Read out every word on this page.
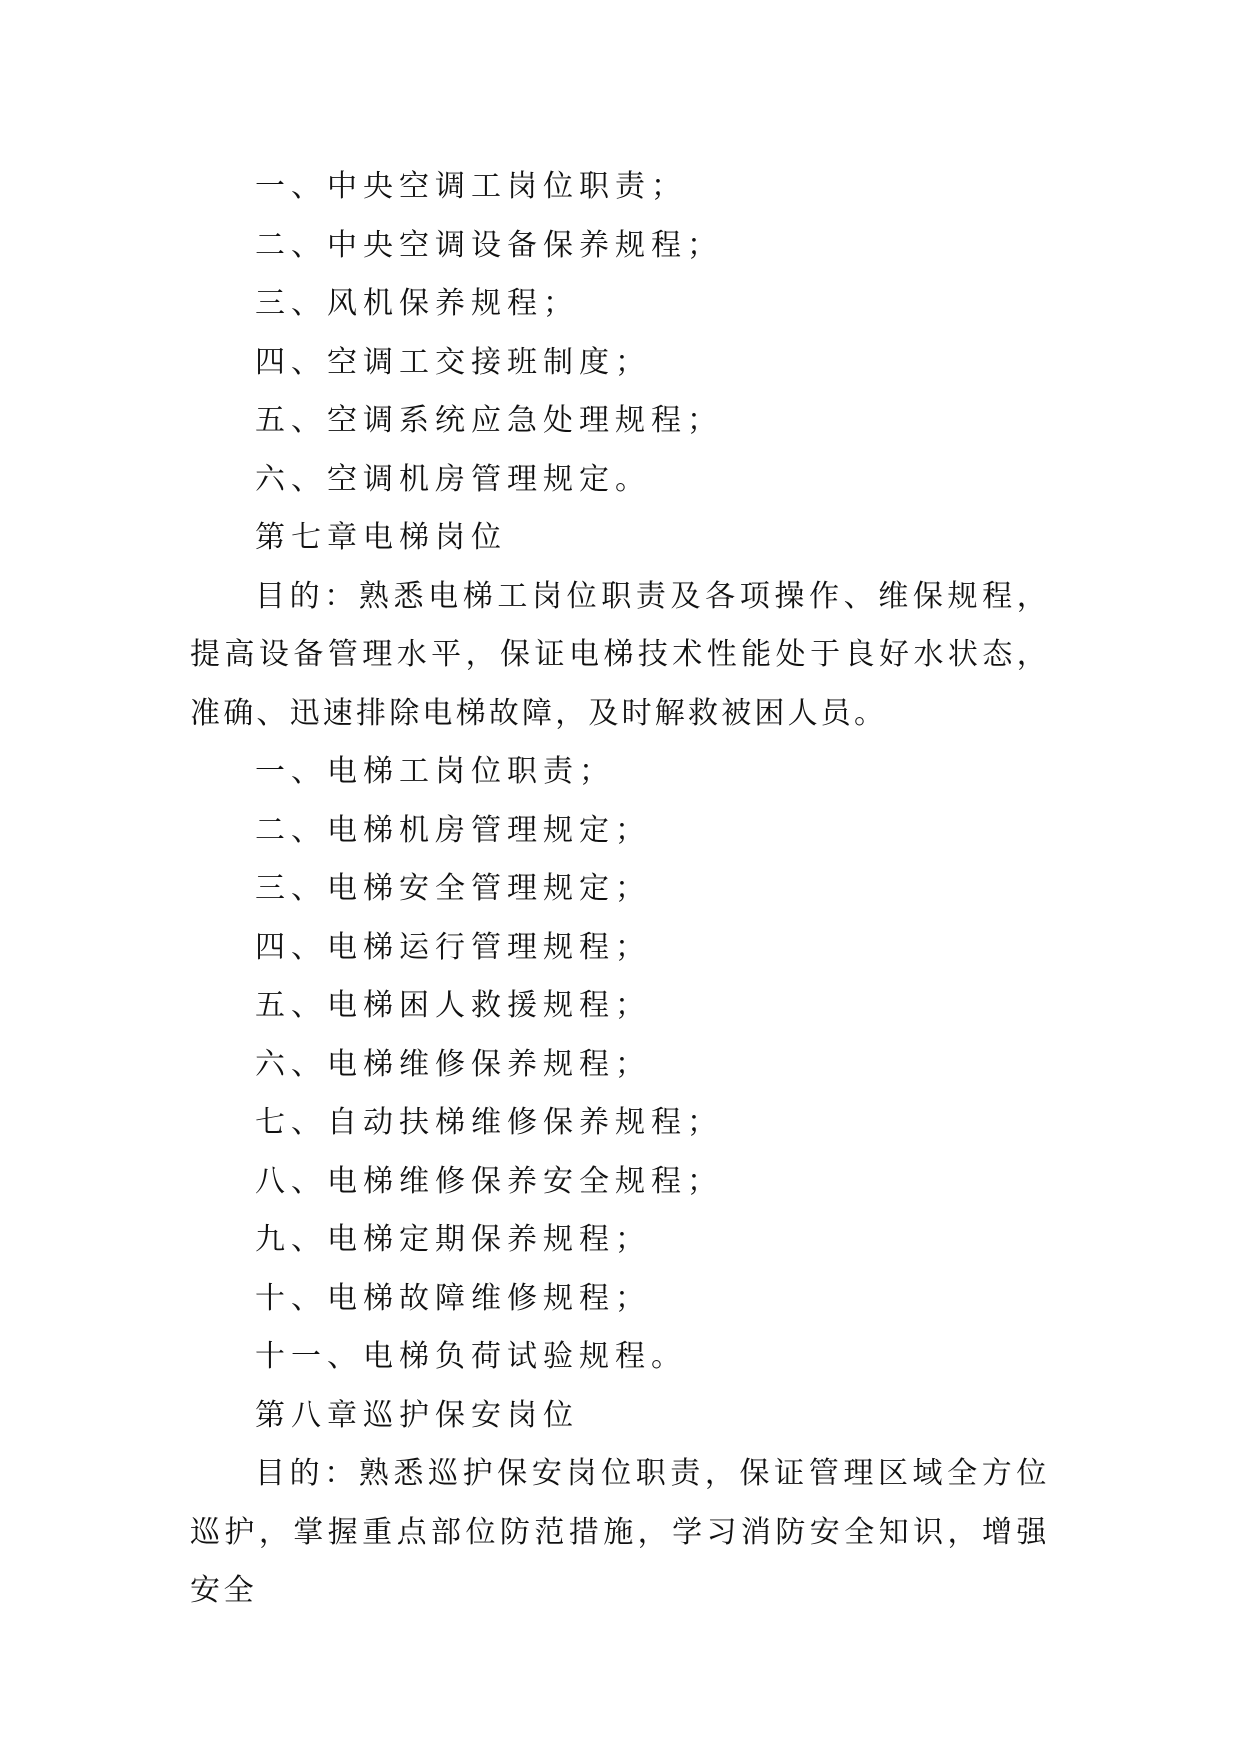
一、中央空调工岗位职责；
二、中央空调设备保养规程；
三、风机保养规程；
四、空调工交接班制度；
五、空调系统应急处理规程；
六、空调机房管理规定。
第七章电梯岗位

目的：熟悉电梯工岗位职责及各项操作、维保规程，提高设备管理水平，保证电梯技术性能处于良好水状态，准确、迅速排除电梯故障，及时解救被困人员。

一、电梯工岗位职责；
二、电梯机房管理规定；
三、电梯安全管理规定；
四、电梯运行管理规程；
五、电梯困人救援规程；
六、电梯维修保养规程；
七、自动扶梯维修保养规程；
八、电梯维修保养安全规程；
九、电梯定期保养规程；
十、电梯故障维修规程；
十一、电梯负荷试验规程。
第八章巡护保安岗位

目的：熟悉巡护保安岗位职责，保证管理区域全方位巡护，掌握重点部位防范措施，学习消防安全知识，增强安全
